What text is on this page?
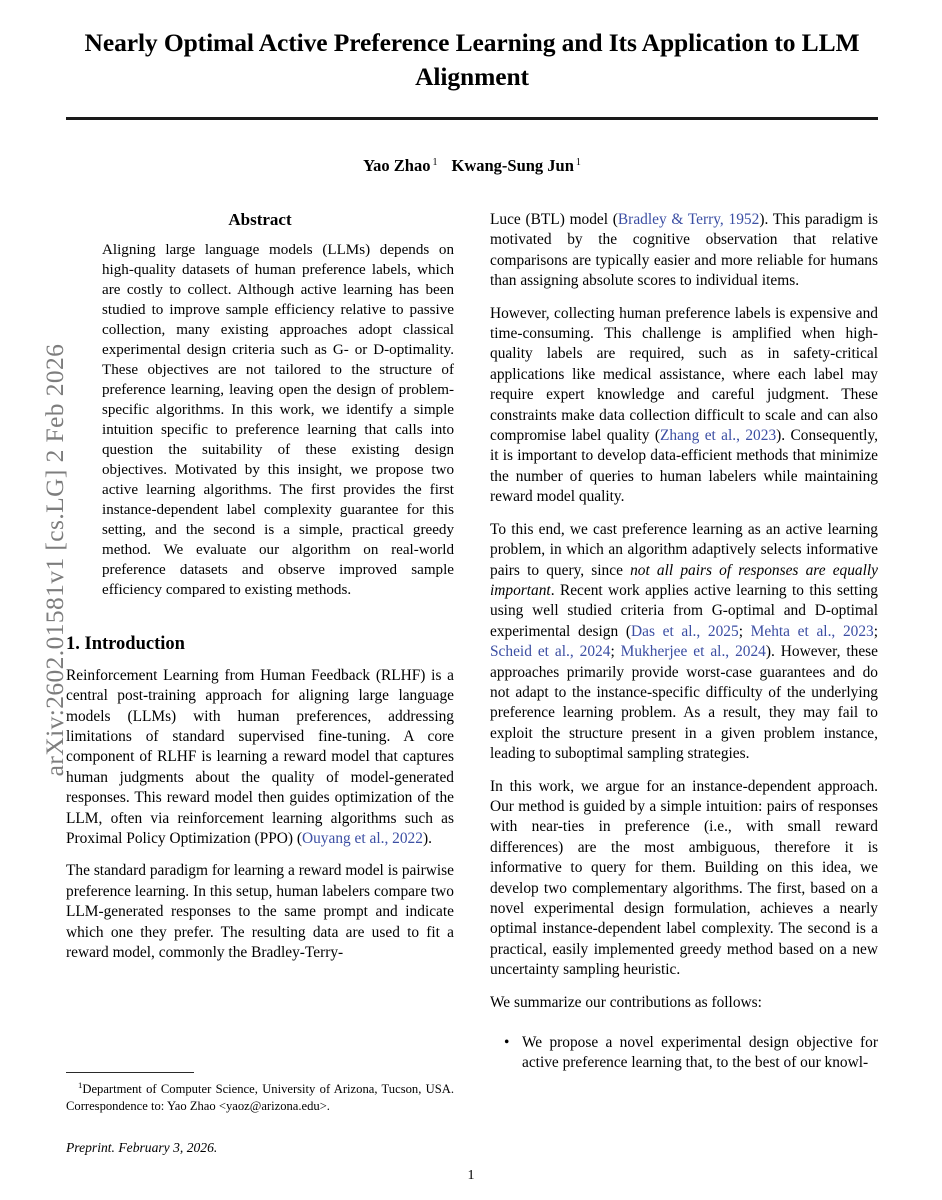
arXiv:2602.01581v1 [cs.LG] 2 Feb 2026
Nearly Optimal Active Preference Learning and Its Application to LLM Alignment
Yao Zhao $^1$ Kwang-Sung Jun $^1$
Abstract

Aligning large language models (LLMs) depends on high-quality datasets of human preference labels, which are costly to collect. Although active learning has been studied to improve sample efficiency relative to passive collection, many existing approaches adopt classical experimental design criteria such as G- or D-optimality. These objectives are not tailored to the structure of preference learning, leaving open the design of problem-specific algorithms. In this work, we identify a simple intuition specific to preference learning that calls into question the suitability of these existing design objectives. Motivated by this insight, we propose two active learning algorithms. The first provides the first instance-dependent label complexity guarantee for this setting, and the second is a simple, practical greedy method. We evaluate our algorithm on real-world preference datasets and observe improved sample efficiency compared to existing methods.

1. Introduction

Reinforcement Learning from Human Feedback (RLHF) is a central post-training approach for aligning large language models (LLMs) with human preferences, addressing limitations of standard supervised fine-tuning. A core component of RLHF is learning a reward model that captures human judgments about the quality of model-generated responses. This reward model then guides optimization of the LLM, often via reinforcement learning algorithms such as Proximal Policy Optimization (PPO) (Ouyang et al., 2022).

The standard paradigm for learning a reward model is pairwise preference learning. In this setup, human labelers compare two LLM-generated responses to the same prompt and indicate which one they prefer. The resulting data are used to fit a reward model, commonly the Bradley-Terry-

Luce (BTL) model (Bradley & Terry, 1952). This paradigm is motivated by the cognitive observation that relative comparisons are typically easier and more reliable for humans than assigning absolute scores to individual items.

However, collecting human preference labels is expensive and time-consuming. This challenge is amplified when high-quality labels are required, such as in safety-critical applications like medical assistance, where each label may require expert knowledge and careful judgment. These constraints make data collection difficult to scale and can also compromise label quality (Zhang et al., 2023). Consequently, it is important to develop data-efficient methods that minimize the number of queries to human labelers while maintaining reward model quality.

To this end, we cast preference learning as an active learning problem, in which an algorithm adaptively selects informative pairs to query, since not all pairs of responses are equally important. Recent work applies active learning to this setting using well studied criteria from G-optimal and D-optimal experimental design (Das et al., 2025; Mehta et al., 2023; Scheid et al., 2024; Mukherjee et al., 2024). However, these approaches primarily provide worst-case guarantees and do not adapt to the instance-specific difficulty of the underlying preference learning problem. As a result, they may fail to exploit the structure present in a given problem instance, leading to suboptimal sampling strategies.

In this work, we argue for an instance-dependent approach. Our method is guided by a simple intuition: pairs of responses with near-ties in preference (i.e., with small reward differences) are the most ambiguous, therefore it is informative to query for them. Building on this idea, we develop two complementary algorithms. The first, based on a novel experimental design formulation, achieves a nearly optimal instance-dependent label complexity. The second is a practical, easily implemented greedy method based on a new uncertainty sampling heuristic.

We summarize our contributions as follows:

• We propose a novel experimental design objective for active preference learning that, to the best of our knowl-

$^1$Department of Computer Science, University of Arizona, Tucson, USA. Correspondence to: Yao Zhao <yaoz@arizona.edu>.

Preprint. February 3, 2026.
1
